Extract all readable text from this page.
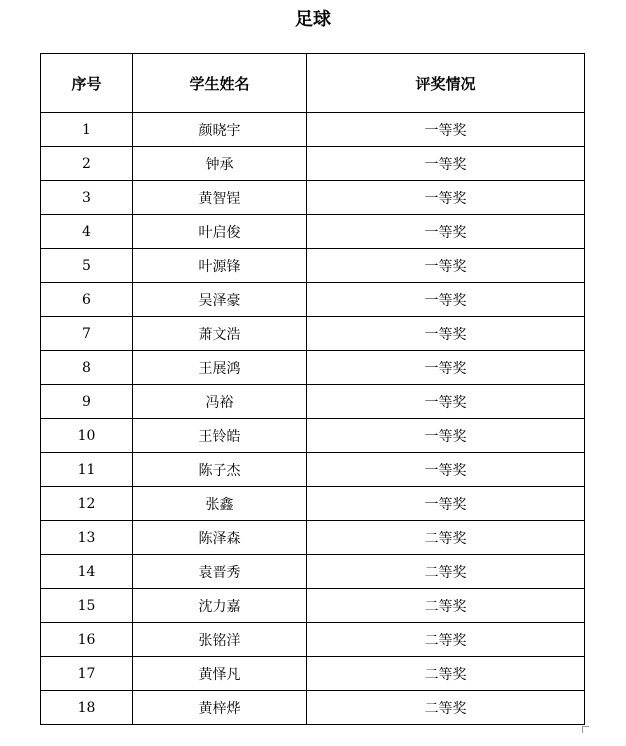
足球
序号	学生姓名	评奖情况
1	颜晓宇	一等奖
2	钟承	一等奖
3	黄智锃	一等奖
4	叶启俊	一等奖
5	叶源锋	一等奖
6	吴泽豪	一等奖
7	萧文浩	一等奖
8	王展鸿	一等奖
9	冯裕	一等奖
10	王铃皓	一等奖
11	陈子杰	一等奖
12	张鑫	一等奖
13	陈泽森	二等奖
14	袁晋秀	二等奖
15	沈力嘉	二等奖
16	张铭洋	二等奖
17	黄怿凡	二等奖
18	黄梓烨	二等奖
